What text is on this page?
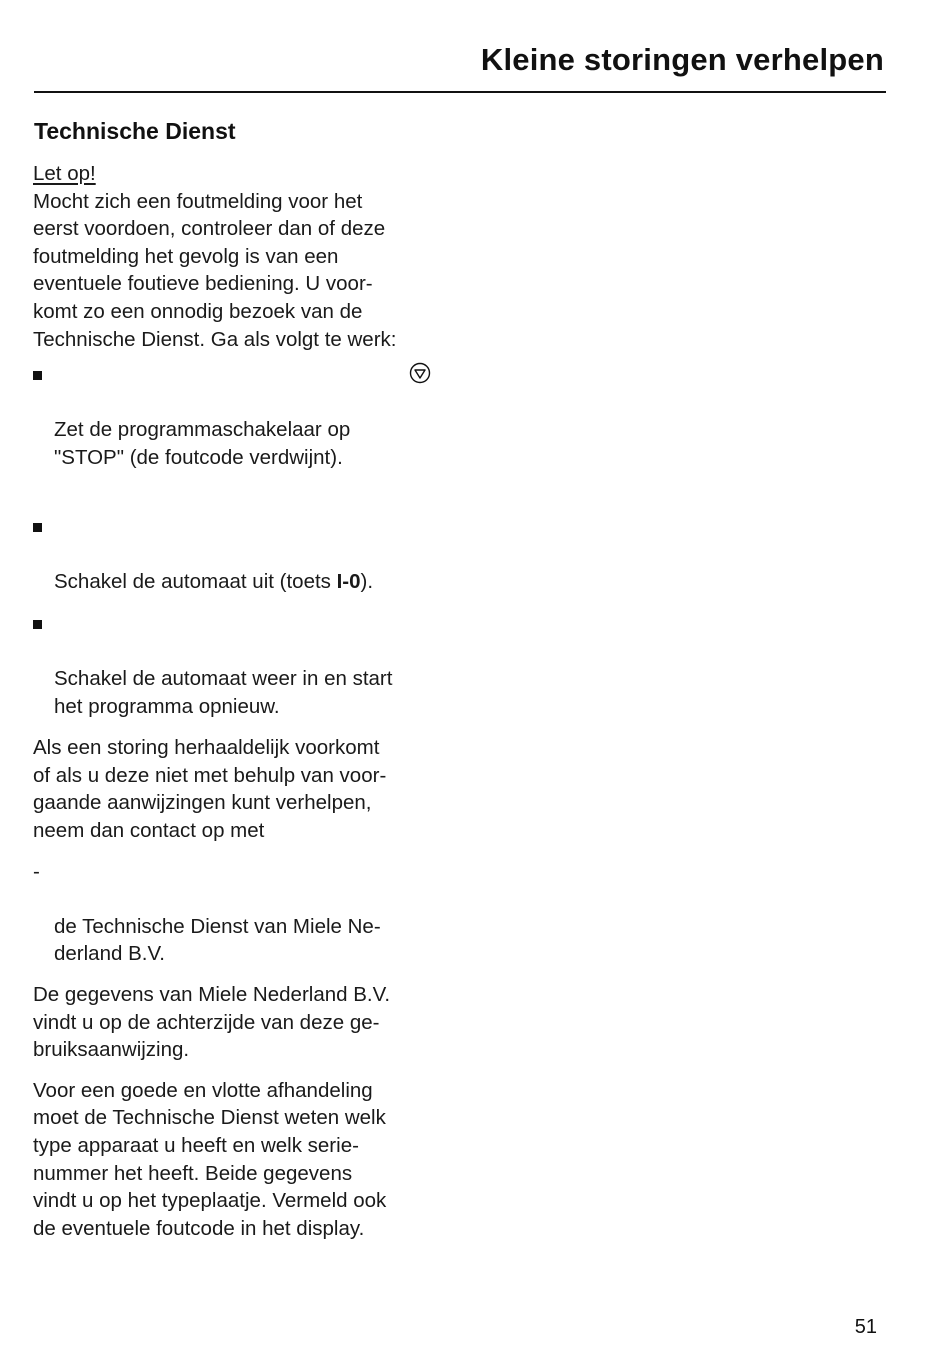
Kleine storingen verhelpen
Technische Dienst

Let op!

Mocht zich een foutmelding voor het
eerst voordoen, controleer dan of deze
foutmelding het gevolg is van een
eventuele foutieve bediening. U voor-
komt zo een onnodig bezoek van de
Technische Dienst. Ga als volgt te werk:

Zet de programmaschakelaar op
"STOP" (de foutcode verdwijnt).

Schakel de automaat uit (toets I-0).

Schakel de automaat weer in en start
het programma opnieuw.

Als een storing herhaaldelijk voorkomt
of als u deze niet met behulp van voor-
gaande aanwijzingen kunt verhelpen,
neem dan contact op met

-

de Technische Dienst van Miele Ne-
derland B.V.

De gegevens van Miele Nederland B.V.
vindt u op de achterzijde van deze ge-
bruiksaanwijzing.

Voor een goede en vlotte afhandeling
moet de Technische Dienst weten welk
type apparaat u heeft en welk serie-
nummer het heeft. Beide gegevens
vindt u op het typeplaatje. Vermeld ook
de eventuele foutcode in het display.

51
